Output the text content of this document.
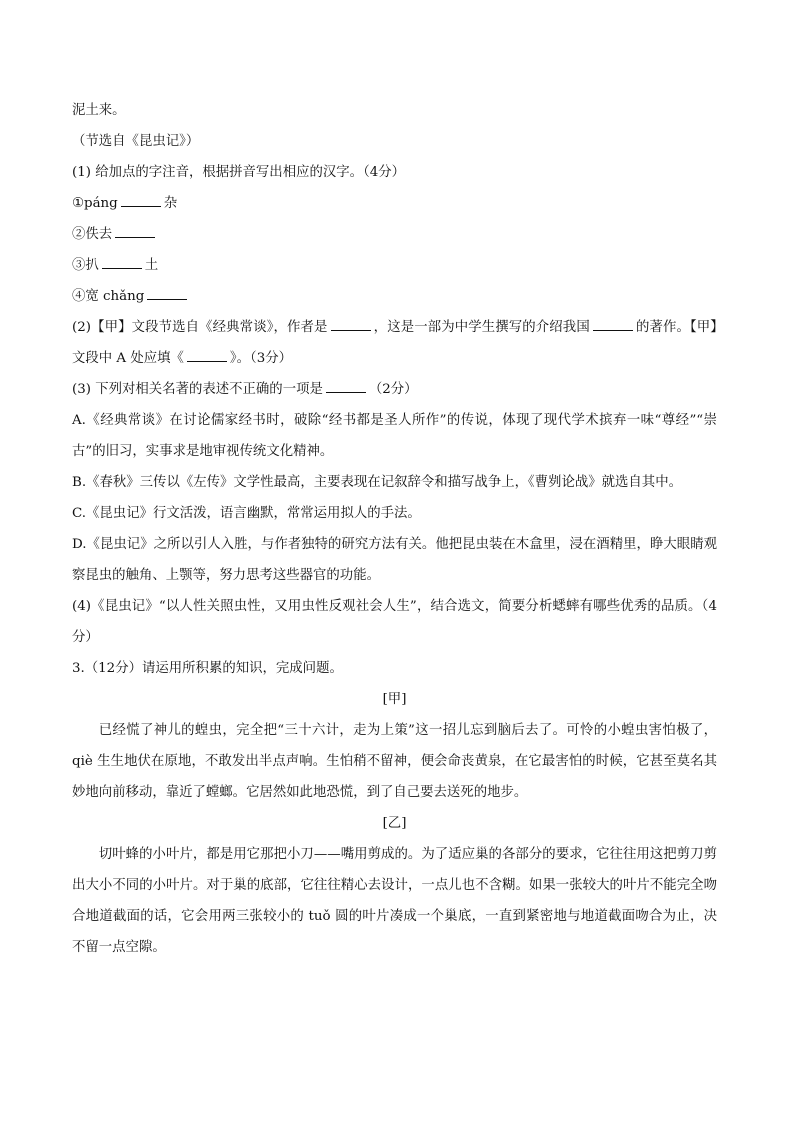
泥土来。

（节选自《昆虫记》）

(1) 给加点的字注音，根据拼音写出相应的汉字。（4分）

①páng	杂

②佚去

③扒	土

④宽 chǎng

(2)【甲】文段节选自《经典常谈》，作者是	，这是一部为中学生撰写的介绍我国	的著作。【甲】文段中 A 处应填《	》。（3分）

(3) 下列对相关名著的表述不正确的一项是	（2分）

A.《经典常谈》在讨论儒家经书时，破除“经书都是圣人所作”的传说，体现了现代学术摈弃一味“尊经”“崇古”的旧习，实事求是地审视传统文化精神。

B.《春秋》三传以《左传》文学性最高，主要表现在记叙辞令和描写战争上，《曹刿论战》就选自其中。

C.《昆虫记》行文活泼，语言幽默，常常运用拟人的手法。

D.《昆虫记》之所以引人入胜，与作者独特的研究方法有关。他把昆虫装在木盒里，浸在酒精里，睁大眼睛观察昆虫的触角、上颚等，努力思考这些器官的功能。

(4)《昆虫记》“以人性关照虫性，又用虫性反观社会人生”，结合选文，简要分析蟋蟀有哪些优秀的品质。（4分）

3.（12分）请运用所积累的知识，完成问题。

[甲]

已经慌了神儿的蝗虫，完全把“三十六计，走为上策”这一招儿忘到脑后去了。可怜的小蝗虫害怕极了，qiè 生生地伏在原地，不敢发出半点声响。生怕稍不留神，便会命丧黄泉，在它最害怕的时候，它甚至莫名其妙地向前移动，靠近了螳螂。它居然如此地恐慌，到了自己要去送死的地步。

[乙]

切叶蜂的小叶片，都是用它那把小刀——嘴用剪成的。为了适应巢的各部分的要求，它往往用这把剪刀剪出大小不同的小叶片。对于巢的底部，它往往精心去设计，一点儿也不含糊。如果一张较大的叶片不能完全吻合地道截面的话，它会用两三张较小的 tuǒ 圆的叶片凑成一个巢底，一直到紧密地与地道截面吻合为止，决不留一点空隙。
